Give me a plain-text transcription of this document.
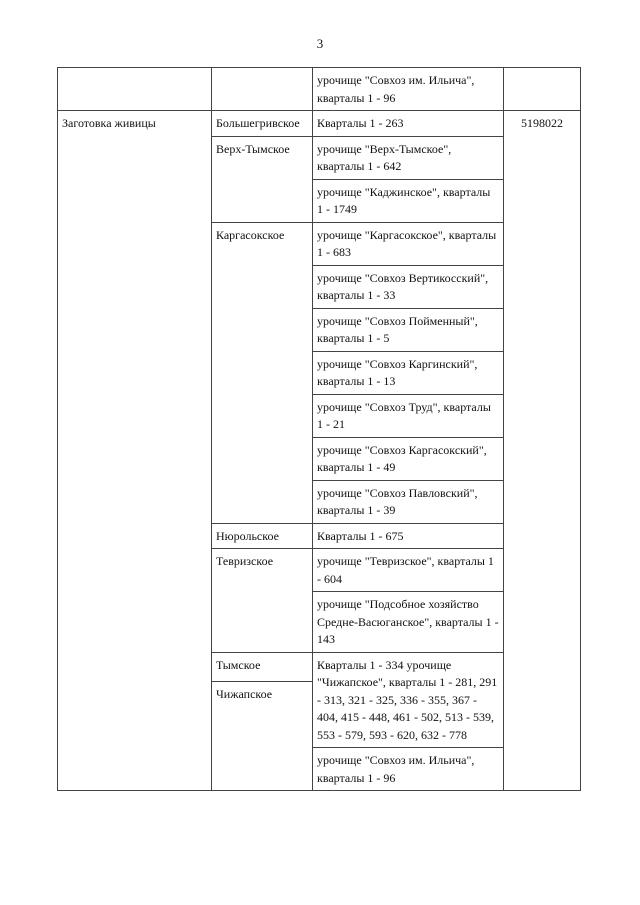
3
		урочище "Совхоз им. Ильича", кварталы 1 - 96	
Заготовка живицы	Большегривское	Кварталы 1 - 263	5198022
	Верх-Тымское	урочище "Верх-Тымское", кварталы 1 - 642	
		урочище "Каджинское", кварталы 1 - 1749	
	Каргасокское	урочище "Каргасокское", кварталы 1 - 683	
		урочище "Совхоз Вертикосский", кварталы 1 - 33	
		урочище "Совхоз Пойменный", кварталы 1 - 5	
		урочище "Совхоз Каргинский", кварталы 1 - 13	
		урочище "Совхоз Труд", кварталы 1 - 21	
		урочище "Совхоз Каргасокский", кварталы 1 - 49	
		урочище "Совхоз Павловский", кварталы 1 - 39	
	Нюрольское	Кварталы 1 - 675	
	Тевризское	урочище "Тевризское", кварталы 1 - 604	
		урочище "Подсобное хозяйство Средне-Васюганское", кварталы 1 - 143	
	Тымское	Кварталы 1 - 334 урочище "Чижапское", кварталы 1 - 281, 291 - 313, 321 - 325, 336 - 355, 367 - 404, 415 - 448, 461 - 502, 513 - 539, 553 - 579, 593 - 620, 632 - 778	
	Чижапское		
		урочище "Совхоз им. Ильича", кварталы 1 - 96	
